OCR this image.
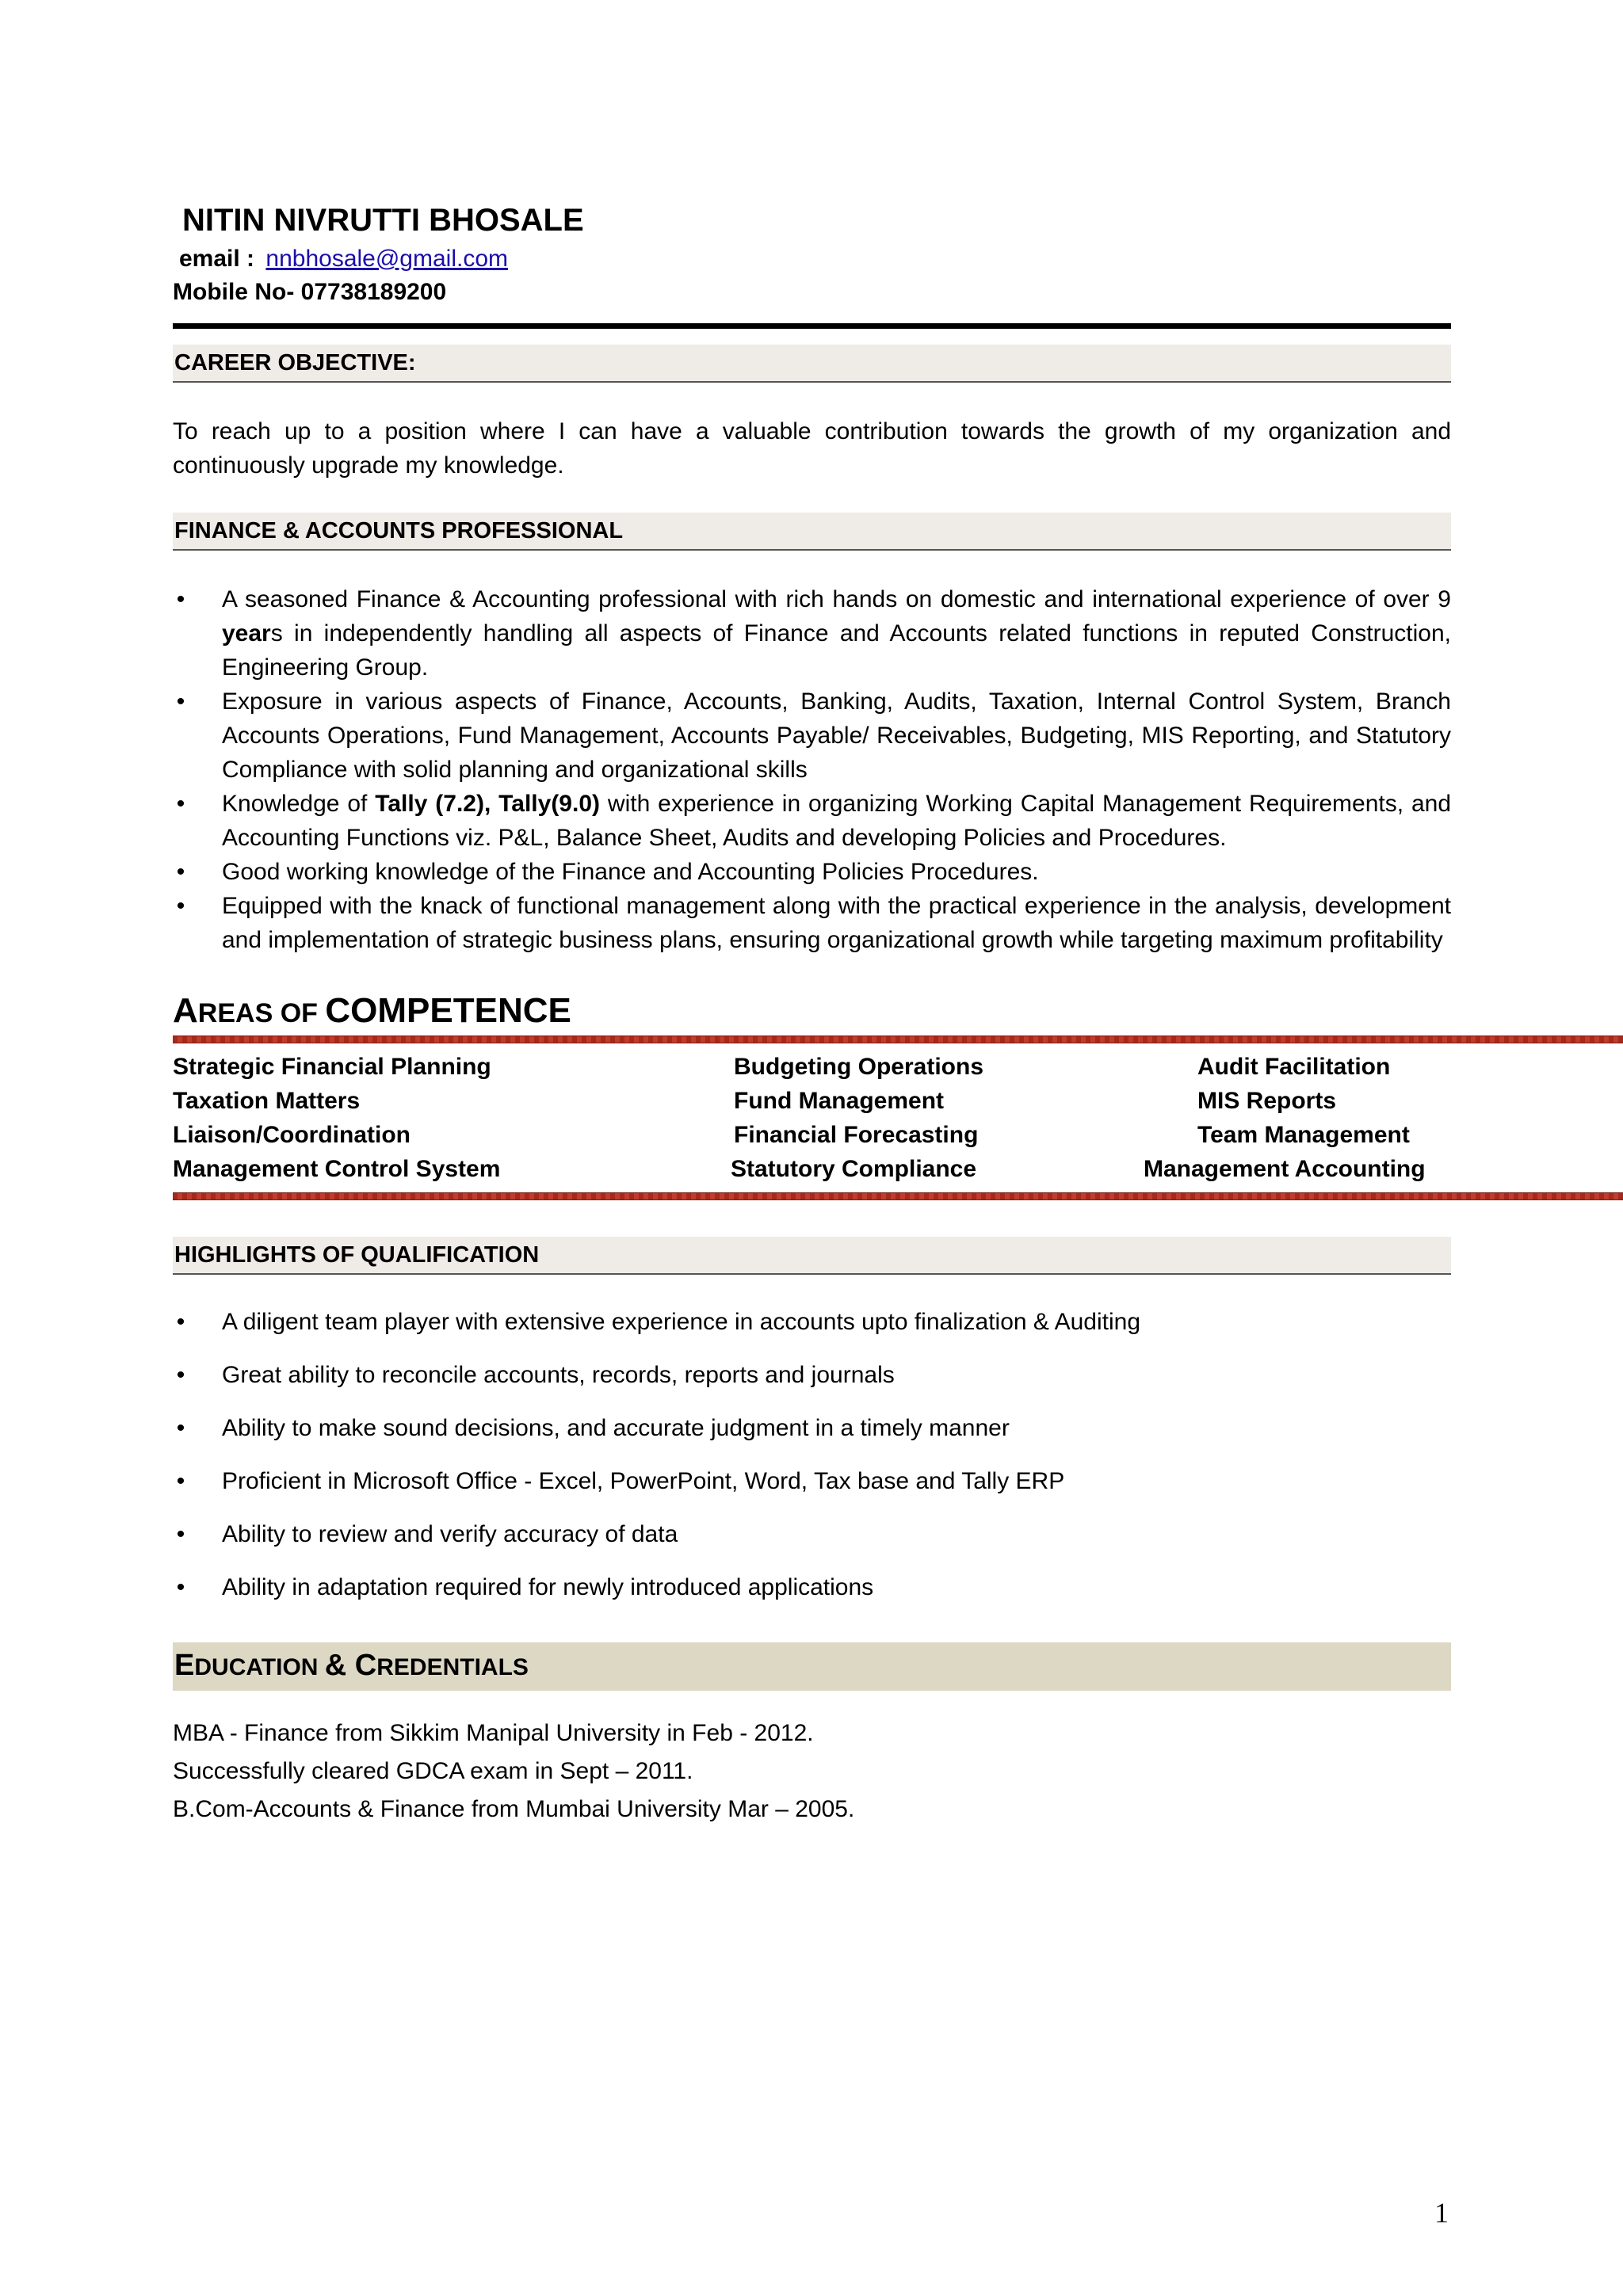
NITIN NIVRUTTI BHOSALE
email : nnbhosale@gmail.com
Mobile No- 07738189200
CAREER OBJECTIVE:
To reach up to a position where I can have a valuable contribution towards the growth of my organization and continuously upgrade my knowledge.
FINANCE & ACCOUNTS PROFESSIONAL
• A seasoned Finance & Accounting professional with rich hands on domestic and international experience of over 9 years in independently handling all aspects of Finance and Accounts related functions in reputed Construction, Engineering Group.
• Exposure in various aspects of Finance, Accounts, Banking, Audits, Taxation, Internal Control System, Branch Accounts Operations, Fund Management, Accounts Payable/ Receivables, Budgeting, MIS Reporting, and Statutory Compliance with solid planning and organizational skills
• Knowledge of Tally (7.2), Tally(9.0) with experience in organizing Working Capital Management Requirements, and Accounting Functions viz. P&L, Balance Sheet, Audits and developing Policies and Procedures.
• Good working knowledge of the Finance and Accounting Policies Procedures.
• Equipped with the knack of functional management along with the practical experience in the analysis, development and implementation of strategic business plans, ensuring organizational growth while targeting maximum profitability
AREAS OF COMPETENCE
Strategic Financial Planning
Taxation Matters
Liaison/Coordination
Management Control System
Budgeting Operations
Fund Management
Financial Forecasting
Statutory Compliance
Audit Facilitation
MIS Reports
Team Management
Management Accounting
HIGHLIGHTS OF QUALIFICATION
• A diligent team player with extensive experience in accounts upto finalization & Auditing
• Great ability to reconcile accounts, records, reports and journals
• Ability to make sound decisions, and accurate judgment in a timely manner
• Proficient in Microsoft Office - Excel, PowerPoint, Word, Tax base and Tally ERP
• Ability to review and verify accuracy of data
• Ability in adaptation required for newly introduced applications
EDUCATION & CREDENTIALS
MBA - Finance from Sikkim Manipal University in Feb - 2012.
Successfully cleared GDCA exam in Sept – 2011.
B.Com-Accounts & Finance from Mumbai University Mar – 2005.
1
